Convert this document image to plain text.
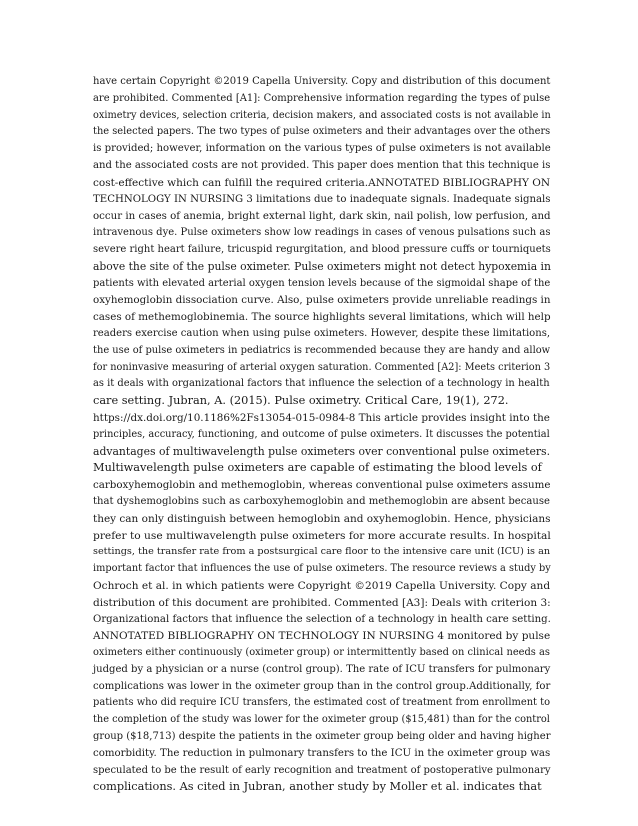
have certain Copyright ©2019 Capella University. Copy and distribution of this document
are prohibited. Commented [A1]: Comprehensive information regarding the types of pulse
oximetry devices, selection criteria, decision makers, and associated costs is not available in
the selected papers. The two types of pulse oximeters and their advantages over the others
is provided; however, information on the various types of pulse oximeters is not available
and the associated costs are not provided. This paper does mention that this technique is
cost-effective which can fulfill the required criteria.ANNOTATED BIBLIOGRAPHY ON
TECHNOLOGY IN NURSING 3 limitations due to inadequate signals. Inadequate signals
occur in cases of anemia, bright external light, dark skin, nail polish, low perfusion, and
intravenous dye. Pulse oximeters show low readings in cases of venous pulsations such as
severe right heart failure, tricuspid regurgitation, and blood pressure cuffs or tourniquets
above the site of the pulse oximeter. Pulse oximeters might not detect hypoxemia in
patients with elevated arterial oxygen tension levels because of the sigmoidal shape of the
oxyhemoglobin dissociation curve. Also, pulse oximeters provide unreliable readings in
cases of methemoglobinemia. The source highlights several limitations, which will help
readers exercise caution when using pulse oximeters. However, despite these limitations,
the use of pulse oximeters in pediatrics is recommended because they are handy and allow
for noninvasive measuring of arterial oxygen saturation. Commented [A2]: Meets criterion 3
as it deals with organizational factors that influence the selection of a technology in health
care setting. Jubran, A. (2015). Pulse oximetry. Critical Care, 19(1), 272.
https://dx.doi.org/10.1186%2Fs13054-015-0984-8 This article provides insight into the
principles, accuracy, functioning, and outcome of pulse oximeters. It discusses the potential
advantages of multiwavelength pulse oximeters over conventional pulse oximeters.
Multiwavelength pulse oximeters are capable of estimating the blood levels of
carboxyhemoglobin and methemoglobin, whereas conventional pulse oximeters assume
that dyshemoglobins such as carboxyhemoglobin and methemoglobin are absent because
they can only distinguish between hemoglobin and oxyhemoglobin. Hence, physicians
prefer to use multiwavelength pulse oximeters for more accurate results. In hospital
settings, the transfer rate from a postsurgical care floor to the intensive care unit (ICU) is an
important factor that influences the use of pulse oximeters. The resource reviews a study by
Ochroch et al. in which patients were Copyright ©2019 Capella University. Copy and
distribution of this document are prohibited. Commented [A3]: Deals with criterion 3:
Organizational factors that influence the selection of a technology in health care setting.
ANNOTATED BIBLIOGRAPHY ON TECHNOLOGY IN NURSING 4 monitored by pulse
oximeters either continuously (oximeter group) or intermittently based on clinical needs as
judged by a physician or a nurse (control group). The rate of ICU transfers for pulmonary
complications was lower in the oximeter group than in the control group.Additionally, for
patients who did require ICU transfers, the estimated cost of treatment from enrollment to
the completion of the study was lower for the oximeter group ($15,481) than for the control
group ($18,713) despite the patients in the oximeter group being older and having higher
comorbidity. The reduction in pulmonary transfers to the ICU in the oximeter group was
speculated to be the result of early recognition and treatment of postoperative pulmonary
complications. As cited in Jubran, another study by Moller et al. indicates that
